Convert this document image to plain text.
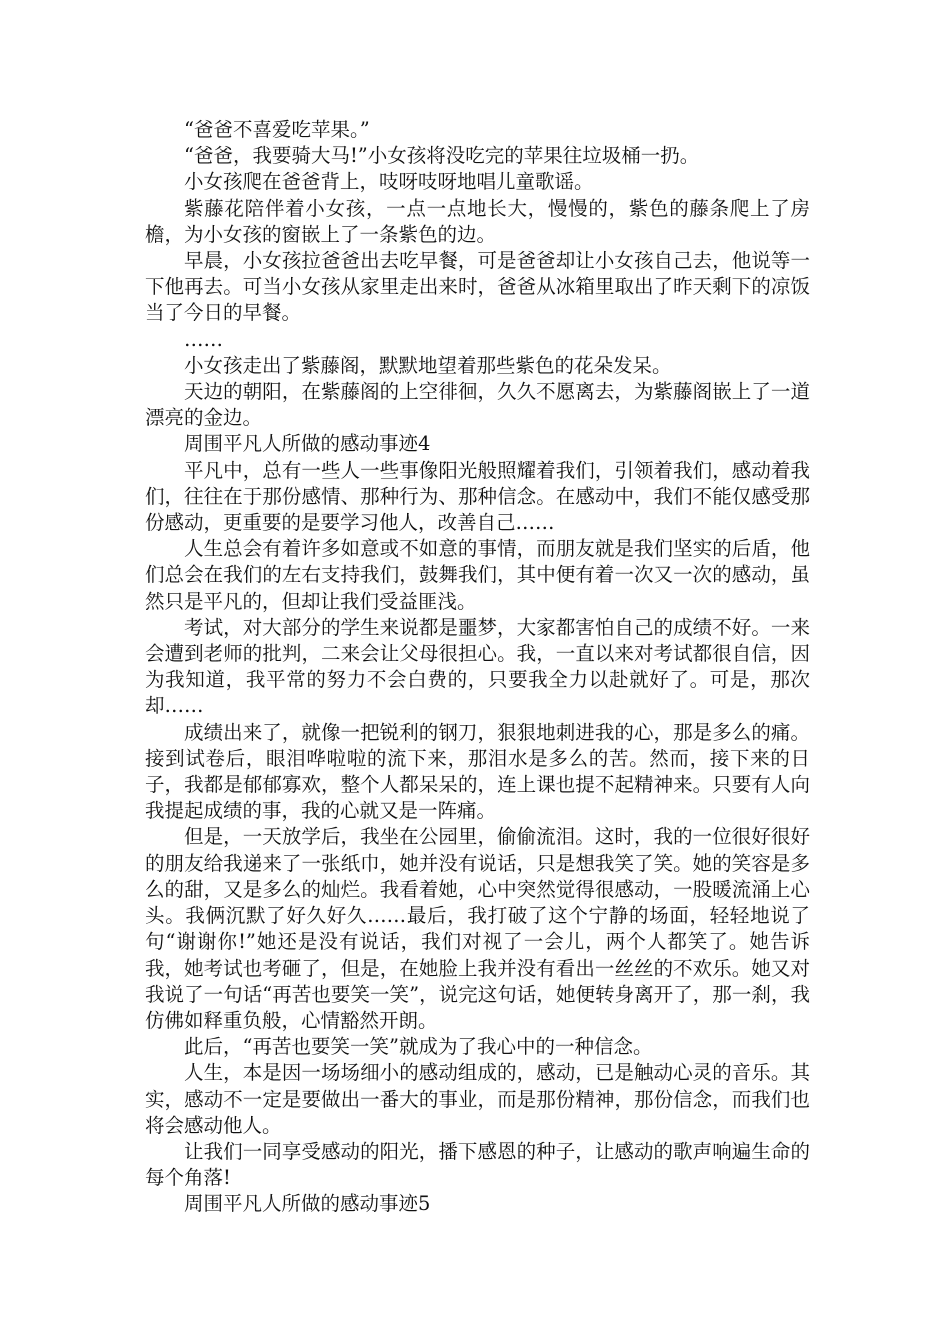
“爸爸不喜爱吃苹果。”

“爸爸，我要骑大马!”小女孩将没吃完的苹果往垃圾桶一扔。

小女孩爬在爸爸背上，吱呀吱呀地唱儿童歌谣。

紫藤花陪伴着小女孩，一点一点地长大，慢慢的，紫色的藤条爬上了房檐，为小女孩的窗嵌上了一条紫色的边。

早晨，小女孩拉爸爸出去吃早餐，可是爸爸却让小女孩自己去，他说等一下他再去。可当小女孩从家里走出来时，爸爸从冰箱里取出了昨天剩下的凉饭当了今日的早餐。

……

小女孩走出了紫藤阁，默默地望着那些紫色的花朵发呆。

天边的朝阳，在紫藤阁的上空徘徊，久久不愿离去，为紫藤阁嵌上了一道漂亮的金边。

周围平凡人所做的感动事迹4

平凡中，总有一些人一些事像阳光般照耀着我们，引领着我们，感动着我们，往往在于那份感情、那种行为、那种信念。在感动中，我们不能仅感受那份感动，更重要的是要学习他人，改善自己……

人生总会有着许多如意或不如意的事情，而朋友就是我们坚实的后盾，他们总会在我们的左右支持我们，鼓舞我们，其中便有着一次又一次的感动，虽然只是平凡的，但却让我们受益匪浅。

考试，对大部分的学生来说都是噩梦，大家都害怕自己的成绩不好。一来会遭到老师的批判，二来会让父母很担心。我，一直以来对考试都很自信，因为我知道，我平常的努力不会白费的，只要我全力以赴就好了。可是，那次却……

成绩出来了，就像一把锐利的钢刀，狠狠地刺进我的心，那是多么的痛。接到试卷后，眼泪哗啦啦的流下来，那泪水是多么的苦。然而，接下来的日子，我都是郁郁寡欢，整个人都呆呆的，连上课也提不起精神来。只要有人向我提起成绩的事，我的心就又是一阵痛。

但是，一天放学后，我坐在公园里，偷偷流泪。这时，我的一位很好很好的朋友给我递来了一张纸巾，她并没有说话，只是想我笑了笑。她的笑容是多么的甜，又是多么的灿烂。我看着她，心中突然觉得很感动，一股暖流涌上心头。我俩沉默了好久好久……最后，我打破了这个宁静的场面，轻轻地说了句“谢谢你!”她还是没有说话，我们对视了一会儿，两个人都笑了。她告诉我，她考试也考砸了，但是，在她脸上我并没有看出一丝丝的不欢乐。她又对我说了一句话“再苦也要笑一笑”，说完这句话，她便转身离开了，那一刹，我仿佛如释重负般，心情豁然开朗。

此后，“再苦也要笑一笑”就成为了我心中的一种信念。

人生，本是因一场场细小的感动组成的，感动，已是触动心灵的音乐。其实，感动不一定是要做出一番大的事业，而是那份精神，那份信念，而我们也将会感动他人。

让我们一同享受感动的阳光，播下感恩的种子，让感动的歌声响遍生命的每个角落!

周围平凡人所做的感动事迹5
